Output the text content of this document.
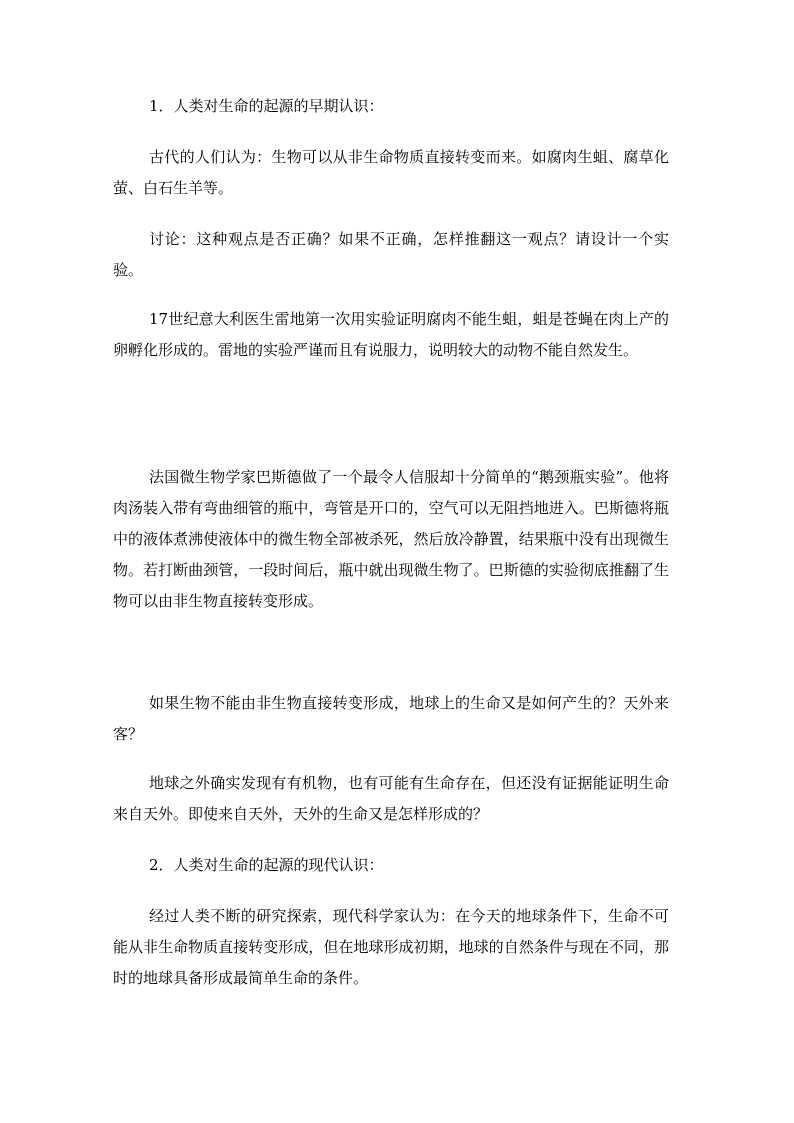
1．人类对生命的起源的早期认识：

古代的人们认为：生物可以从非生命物质直接转变而来。如腐肉生蛆、腐草化萤、白石生羊等。

讨论：这种观点是否正确？如果不正确，怎样推翻这一观点？请设计一个实验。

17世纪意大利医生雷地第一次用实验证明腐肉不能生蛆，蛆是苍蝇在肉上产的卵孵化形成的。雷地的实验严谨而且有说服力，说明较大的动物不能自然发生。

法国微生物学家巴斯德做了一个最令人信服却十分简单的“鹅颈瓶实验”。他将肉汤装入带有弯曲细管的瓶中，弯管是开口的，空气可以无阻挡地进入。巴斯德将瓶中的液体煮沸使液体中的微生物全部被杀死，然后放冷静置，结果瓶中没有出现微生物。若打断曲颈管，一段时间后，瓶中就出现微生物了。巴斯德的实验彻底推翻了生物可以由非生物直接转变形成。

如果生物不能由非生物直接转变形成，地球上的生命又是如何产生的？天外来客？

地球之外确实发现有有机物，也有可能有生命存在，但还没有证据能证明生命来自天外。即使来自天外，天外的生命又是怎样形成的？

2．人类对生命的起源的现代认识：

经过人类不断的研究探索，现代科学家认为：在今天的地球条件下，生命不可能从非生命物质直接转变形成，但在地球形成初期，地球的自然条件与现在不同，那时的地球具备形成最简单生命的条件。
